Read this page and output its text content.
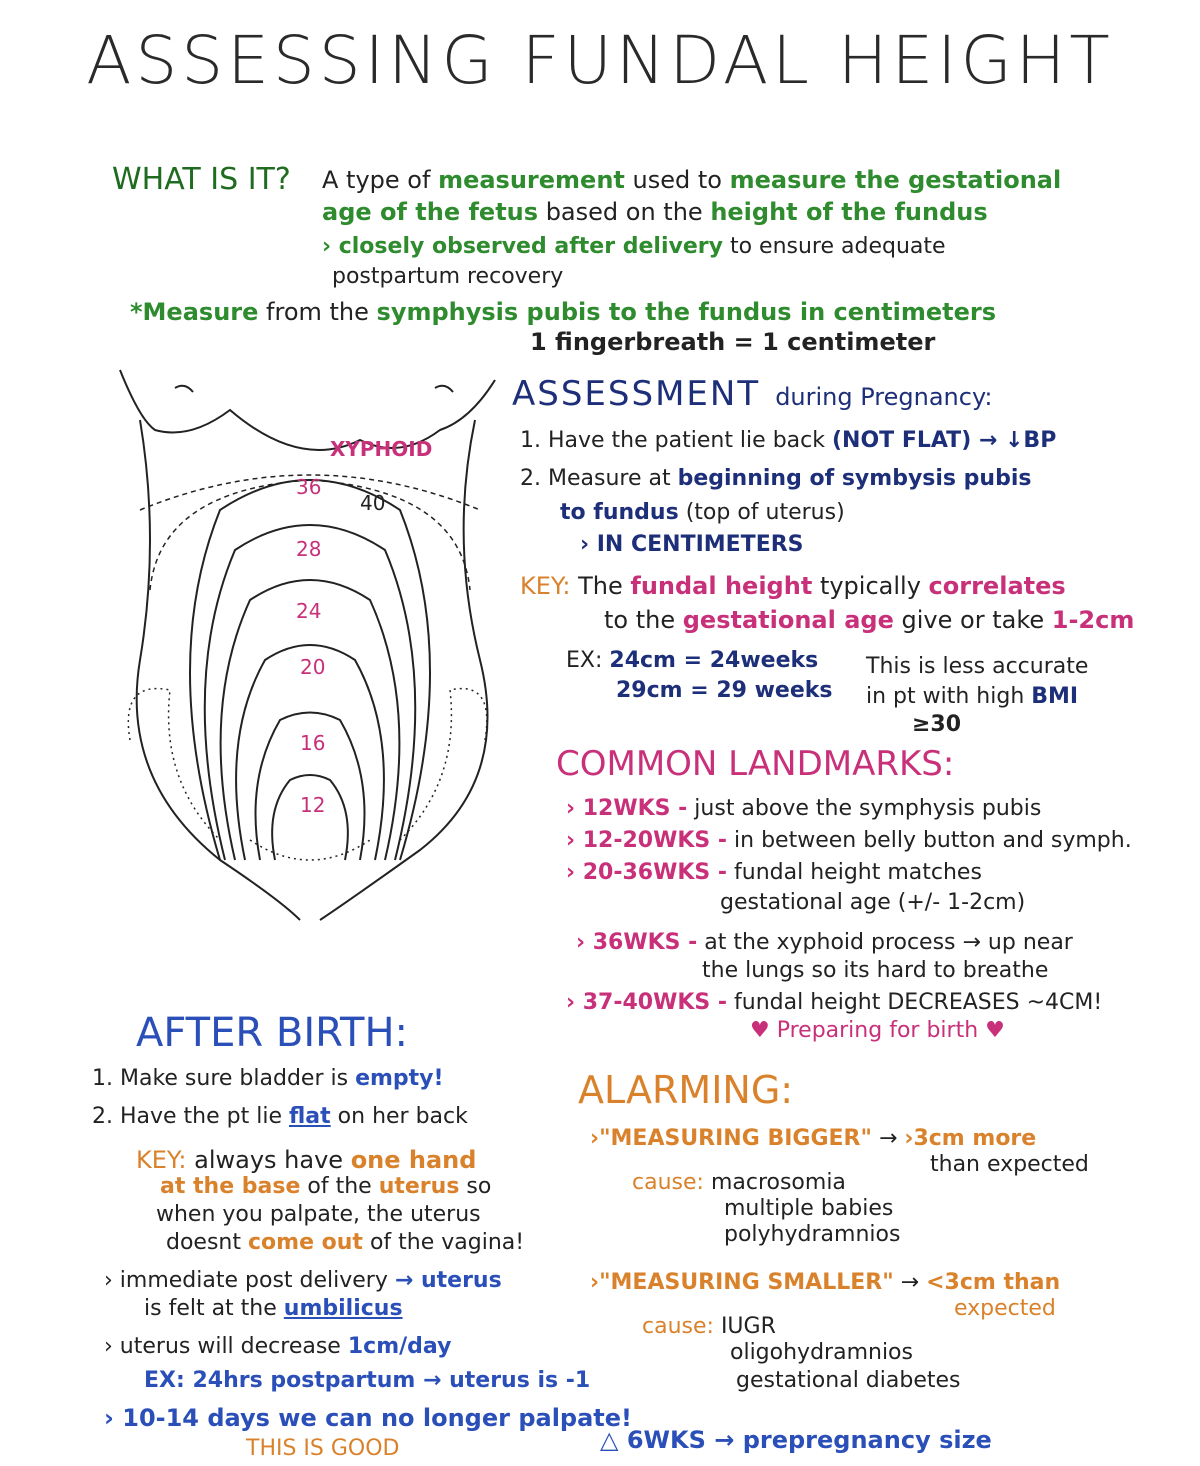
ASSESSING FUNDAL HEIGHT
WHAT IS IT? A type of measurement used to measure the gestational
age of the fetus based on the height of the fundus
› closely observed after delivery to ensure adequate
postpartum recovery
*Measure from the symphysis pubis to the fundus in centimeters
1 fingerbreath = 1 centimeter
XYPHOID
36
40
28
24
20
16
12
ASSESSMENT during Pregnancy:
1. Have the patient lie back (NOT FLAT) → ↓BP
2. Measure at beginning of symbysis pubis
to fundus (top of uterus)
› IN CENTIMETERS
KEY: The fundal height typically correlates
to the gestational age give or take 1-2cm
EX: 24cm = 24weeks
29cm = 29 weeks
This is less accurate
in pt with high BMI
≥30
COMMON LANDMARKS:
› 12WKS - just above the symphysis pubis
› 12-20WKS - in between belly button and symph.
› 20-36WKS - fundal height matches
gestational age (+/- 1-2cm)
› 36WKS - at the xyphoid process → up near
the lungs so its hard to breathe
› 37-40WKS - fundal height DECREASES ~4CM!
♥ Preparing for birth ♥
AFTER BIRTH:
1. Make sure bladder is empty!
2. Have the pt lie flat on her back
KEY: always have one hand
at the base of the uterus so
when you palpate, the uterus
doesnt come out of the vagina!
› immediate post delivery → uterus
is felt at the umbilicus
› uterus will decrease 1cm/day
EX: 24hrs postpartum → uterus is -1
› 10-14 days we can no longer palpate!
THIS IS GOOD
ALARMING:
›"MEASURING BIGGER" → ›3cm more
than expected
cause: macrosomia
multiple babies
polyhydramnios
›"MEASURING SMALLER" → <3cm than
expected
cause: IUGR
oligohydramnios
gestational diabetes
△ 6WKS → prepregnancy size
